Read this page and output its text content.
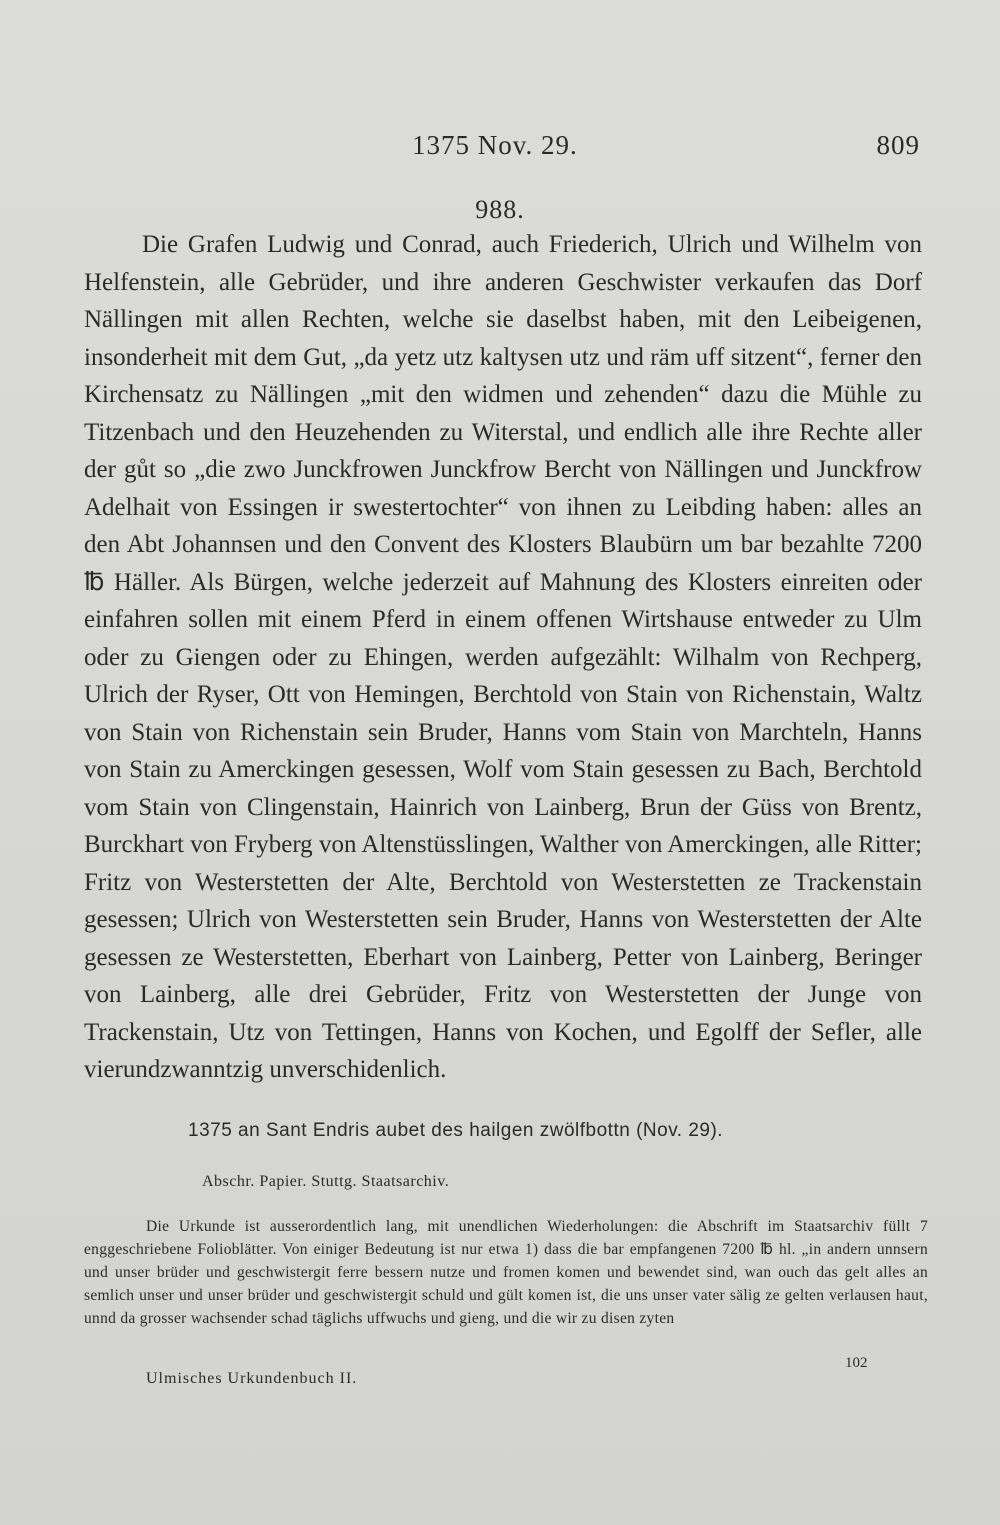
1375 Nov. 29.	809
988.

Die Grafen Ludwig und Conrad, auch Friederich, Ulrich und Wilhelm von Helfenstein, alle Gebrüder, und ihre anderen Geschwister verkaufen das Dorf Nällingen mit allen Rechten, welche sie daselbst haben, mit den Leibeigenen, insonderheit mit dem Gut, „da yetz utz kaltysen utz und räm uff sitzent“, ferner den Kirchensatz zu Nällingen „mit den widmen und zehenden“ dazu die Mühle zu Titzenbach und den Heuzehenden zu Witerstal, und endlich alle ihre Rechte aller der gůt so „die zwo Junckfrowen Junckfrow Bercht von Nällingen und Junckfrow Adelhait von Essingen ir swestertochter“ von ihnen zu Leibding haben: alles an den Abt Johannsen und den Convent des Klosters Blaubürn um bar bezahlte 7200 ℔ Häller. Als Bürgen, welche jederzeit auf Mahnung des Klosters einreiten oder einfahren sollen mit einem Pferd in einem offenen Wirtshause entweder zu Ulm oder zu Giengen oder zu Ehingen, werden aufgezählt: Wilhalm von Rechperg, Ulrich der Ryser, Ott von Hemingen, Berchtold von Stain von Richenstain, Waltz von Stain von Richenstain sein Bruder, Hanns vom Stain von Marchteln, Hanns von Stain zu Amerckingen gesessen, Wolf vom Stain gesessen zu Bach, Berchtold vom Stain von Clingenstain, Hainrich von Lainberg, Brun der Güss von Brentz, Burckhart von Fryberg von Altenstüsslingen, Walther von Amerckingen, alle Ritter; Fritz von Westerstetten der Alte, Berchtold von Westerstetten ze Trackenstain gesessen; Ulrich von Westerstetten sein Bruder, Hanns von Westerstetten der Alte gesessen ze Westerstetten, Eberhart von Lainberg, Petter von Lainberg, Beringer von Lainberg, alle drei Gebrüder, Fritz von Westerstetten der Junge von Trackenstain, Utz von Tettingen, Hanns von Kochen, und Egolff der Sefler, alle vierundzwanntzig unverschidenlich.

1375 an Sant Endris aubet des hailgen zwölfbottn (Nov. 29).
Abschr. Papier. Stuttg. Staatsarchiv.

Die Urkunde ist ausserordentlich lang, mit unendlichen Wiederholungen: die Abschrift im Staatsarchiv füllt 7 enggeschriebene Folioblätter. Von einiger Bedeutung ist nur etwa 1) dass die bar empfangenen 7200 ℔ hl. „in andern unnsern und unser brüder und geschwistergit ferre bessern nutze und fromen komen und bewendet sind, wan ouch das gelt alles an semlich unser und unser brüder und geschwistergit schuld und gült komen ist, die uns unser vater sälig ze gelten verlausen haut, unnd da grosser wachsender schad täglichs uffwuchs und gieng, und die wir zu disen zyten

102
Ulmisches Urkundenbuch II.
